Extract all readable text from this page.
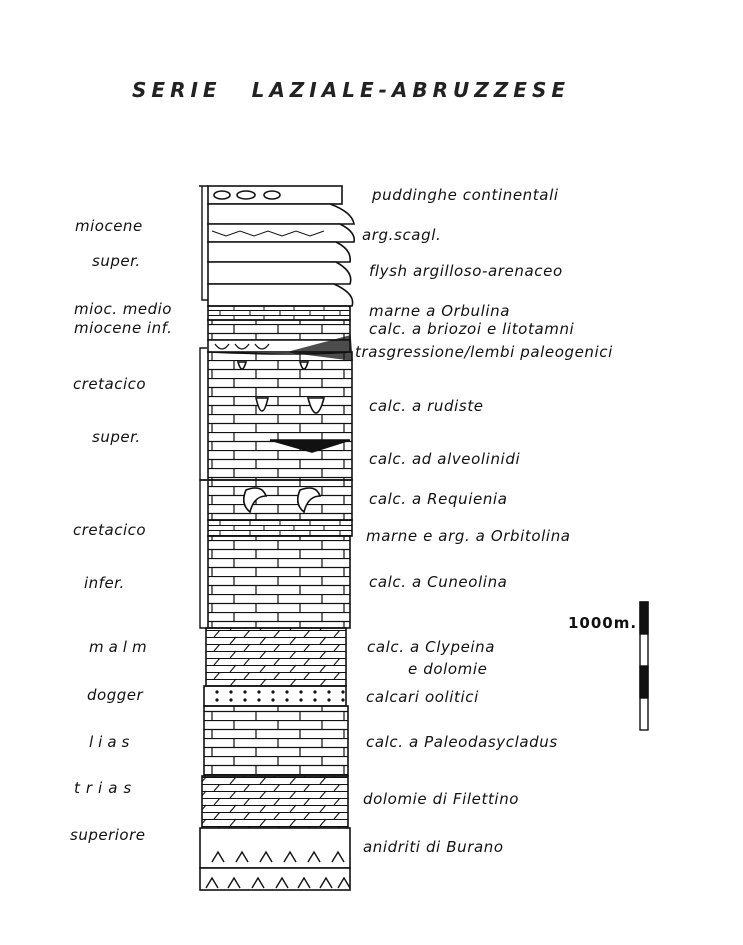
SERIE LAZIALE-ABRUZZESE
miocene
super.
mioc. medio
miocene inf.
cretacico
super.
cretacico
infer.
malm
dogger
lias
trias
superiore
puddinghe continentali
arg.scagl.
flysh argilloso-arenaceo
marne a Orbulina
calc. a briozoi e litotamni
trasgressione/lembi paleogenici
calc. a rudiste
calc. ad alveolinidi
calc. a Requienia
marne e arg. a Orbitolina
calc. a Cuneolina
calc. a Clypeina
e dolomie
calcari oolitici
calc. a Paleodasycladus
dolomie di Filettino
anidriti di Burano
1000m.
